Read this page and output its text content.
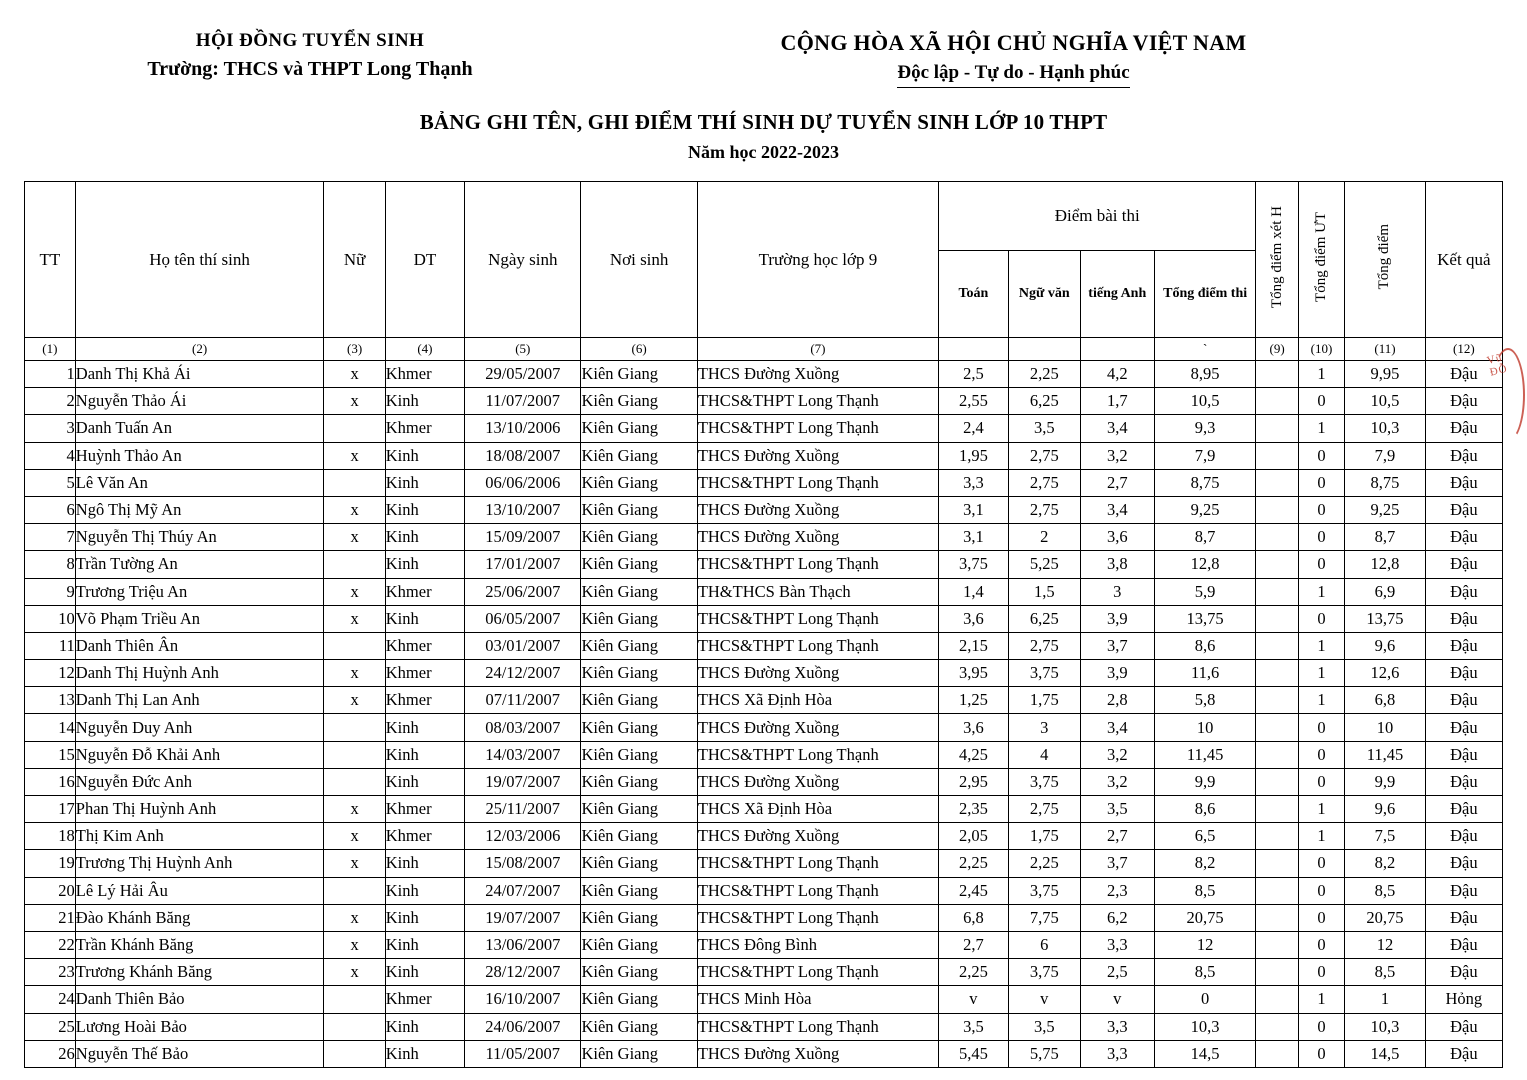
HỘI ĐỒNG TUYỂN SINH
Trường: THCS và THPT Long Thạnh
CỘNG HÒA XÃ HỘI CHỦ NGHĨA VIỆT NAM
Độc lập - Tự do - Hạnh phúc
BẢNG GHI TÊN, GHI ĐIỂM THÍ SINH DỰ TUYỂN SINH LỚP 10 THPT
Năm học 2022-2023
TT	Họ tên thí sinh	Nữ	DT	Ngày sinh	Nơi sinh	Trường học lớp 9	Điểm bài thi				Tổng điểm xét H	Tổng điểm ƯT	Tổng điểm	Kết quả
							Toán	Ngữ văn	tiếng Anh	Tổng điểm thi				
(1)	(2)	(3)	(4)	(5)	(6)	(7)				`	(9)	(10)	(11)	(12)
1	Danh Thị Khả Ái	x	Khmer	29/05/2007	Kiên Giang	THCS Đường Xuồng	2,5	2,25	4,2	8,95		1	9,95	Đậu
2	Nguyễn Thảo Ái	x	Kinh	11/07/2007	Kiên Giang	THCS&THPT Long Thạnh	2,55	6,25	1,7	10,5		0	10,5	Đậu
3	Danh Tuấn An		Khmer	13/10/2006	Kiên Giang	THCS&THPT Long Thạnh	2,4	3,5	3,4	9,3		1	10,3	Đậu
4	Huỳnh Thảo An	x	Kinh	18/08/2007	Kiên Giang	THCS Đường Xuồng	1,95	2,75	3,2	7,9		0	7,9	Đậu
5	Lê Văn An		Kinh	06/06/2006	Kiên Giang	THCS&THPT Long Thạnh	3,3	2,75	2,7	8,75		0	8,75	Đậu
6	Ngô Thị Mỹ An	x	Kinh	13/10/2007	Kiên Giang	THCS Đường Xuồng	3,1	2,75	3,4	9,25		0	9,25	Đậu
7	Nguyễn Thị Thúy An	x	Kinh	15/09/2007	Kiên Giang	THCS Đường Xuồng	3,1	2	3,6	8,7		0	8,7	Đậu
8	Trần Tường An		Kinh	17/01/2007	Kiên Giang	THCS&THPT Long Thạnh	3,75	5,25	3,8	12,8		0	12,8	Đậu
9	Trương Triệu An	x	Khmer	25/06/2007	Kiên Giang	TH&THCS Bàn Thạch	1,4	1,5	3	5,9		1	6,9	Đậu
10	Võ Phạm Triều An	x	Kinh	06/05/2007	Kiên Giang	THCS&THPT Long Thạnh	3,6	6,25	3,9	13,75		0	13,75	Đậu
11	Danh Thiên Ân		Khmer	03/01/2007	Kiên Giang	THCS&THPT Long Thạnh	2,15	2,75	3,7	8,6		1	9,6	Đậu
12	Danh Thị Huỳnh Anh	x	Khmer	24/12/2007	Kiên Giang	THCS Đường Xuồng	3,95	3,75	3,9	11,6		1	12,6	Đậu
13	Danh Thị Lan Anh	x	Khmer	07/11/2007	Kiên Giang	THCS Xã Định Hòa	1,25	1,75	2,8	5,8		1	6,8	Đậu
14	Nguyễn Duy Anh		Kinh	08/03/2007	Kiên Giang	THCS Đường Xuồng	3,6	3	3,4	10		0	10	Đậu
15	Nguyễn Đỗ Khải Anh		Kinh	14/03/2007	Kiên Giang	THCS&THPT Long Thạnh	4,25	4	3,2	11,45		0	11,45	Đậu
16	Nguyễn Đức Anh		Kinh	19/07/2007	Kiên Giang	THCS Đường Xuồng	2,95	3,75	3,2	9,9		0	9,9	Đậu
17	Phan Thị Huỳnh Anh	x	Khmer	25/11/2007	Kiên Giang	THCS Xã Định Hòa	2,35	2,75	3,5	8,6		1	9,6	Đậu
18	Thị Kim Anh	x	Khmer	12/03/2006	Kiên Giang	THCS Đường Xuồng	2,05	1,75	2,7	6,5		1	7,5	Đậu
19	Trương Thị Huỳnh Anh	x	Kinh	15/08/2007	Kiên Giang	THCS&THPT Long Thạnh	2,25	2,25	3,7	8,2		0	8,2	Đậu
20	Lê Lý Hải Âu		Kinh	24/07/2007	Kiên Giang	THCS&THPT Long Thạnh	2,45	3,75	2,3	8,5		0	8,5	Đậu
21	Đào Khánh Băng	x	Kinh	19/07/2007	Kiên Giang	THCS&THPT Long Thạnh	6,8	7,75	6,2	20,75		0	20,75	Đậu
22	Trần Khánh Băng	x	Kinh	13/06/2007	Kiên Giang	THCS Đông Bình	2,7	6	3,3	12		0	12	Đậu
23	Trương Khánh Băng	x	Kinh	28/12/2007	Kiên Giang	THCS&THPT Long Thạnh	2,25	3,75	2,5	8,5		0	8,5	Đậu
24	Danh Thiên Bảo		Khmer	16/10/2007	Kiên Giang	THCS Minh Hòa	v	v	v	0		1	1	Hỏng
25	Lương Hoài Bảo		Kinh	24/06/2007	Kiên Giang	THCS&THPT Long Thạnh	3,5	3,5	3,3	10,3		0	10,3	Đậu
26	Nguyễn Thế Bảo		Kinh	11/05/2007	Kiên Giang	THCS Đường Xuồng	5,45	5,75	3,3	14,5		0	14,5	Đậu
Vũ
ĐỖ
